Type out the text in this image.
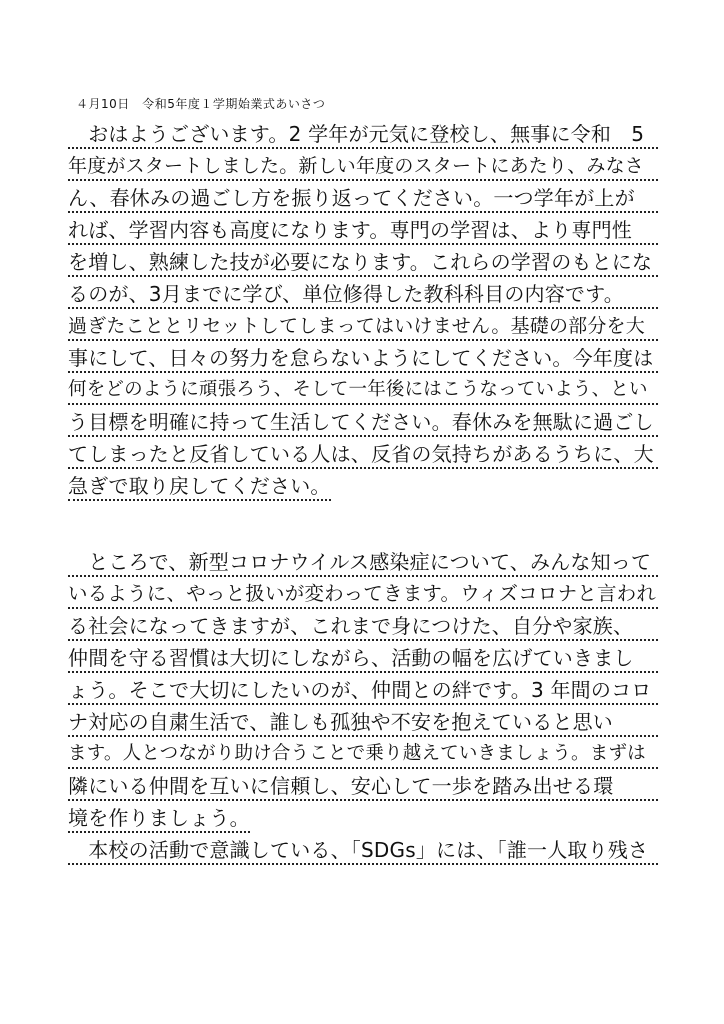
４月10日　令和5年度１学期始業式あいさつ
　おはようございます。2 学年が元気に登校し、無事に令和　5
年度がスタートしました。新しい年度のスタートにあたり、みなさ
ん、春休みの過ごし方を振り返ってください。一つ学年が上が
れば、学習内容も高度になります。専門の学習は、より専門性
を増し、熟練した技が必要になります。これらの学習のもとにな
るのが、3月までに学び、単位修得した教科科目の内容です。
過ぎたこととリセットしてしまってはいけません。基礎の部分を大
事にして、日々の努力を怠らないようにしてください。今年度は
何をどのように頑張ろう、そして一年後にはこうなっていよう、とい
う目標を明確に持って生活してください。春休みを無駄に過ごし
てしまったと反省している人は、反省の気持ちがあるうちに、大
急ぎで取り戻してください。
　ところで、新型コロナウイルス感染症について、みんな知って
いるように、やっと扱いが変わってきます。ウィズコロナと言われ
る社会になってきますが、これまで身につけた、自分や家族、
仲間を守る習慣は大切にしながら、活動の幅を広げていきまし
ょう。そこで大切にしたいのが、仲間との絆です。3 年間のコロ
ナ対応の自粛生活で、誰しも孤独や不安を抱えていると思い
ます。人とつながり助け合うことで乗り越えていきましょう。まずは
隣にいる仲間を互いに信頼し、安心して一歩を踏み出せる環
境を作りましょう。
　本校の活動で意識している、「SDGs」には、「誰一人取り残さ
